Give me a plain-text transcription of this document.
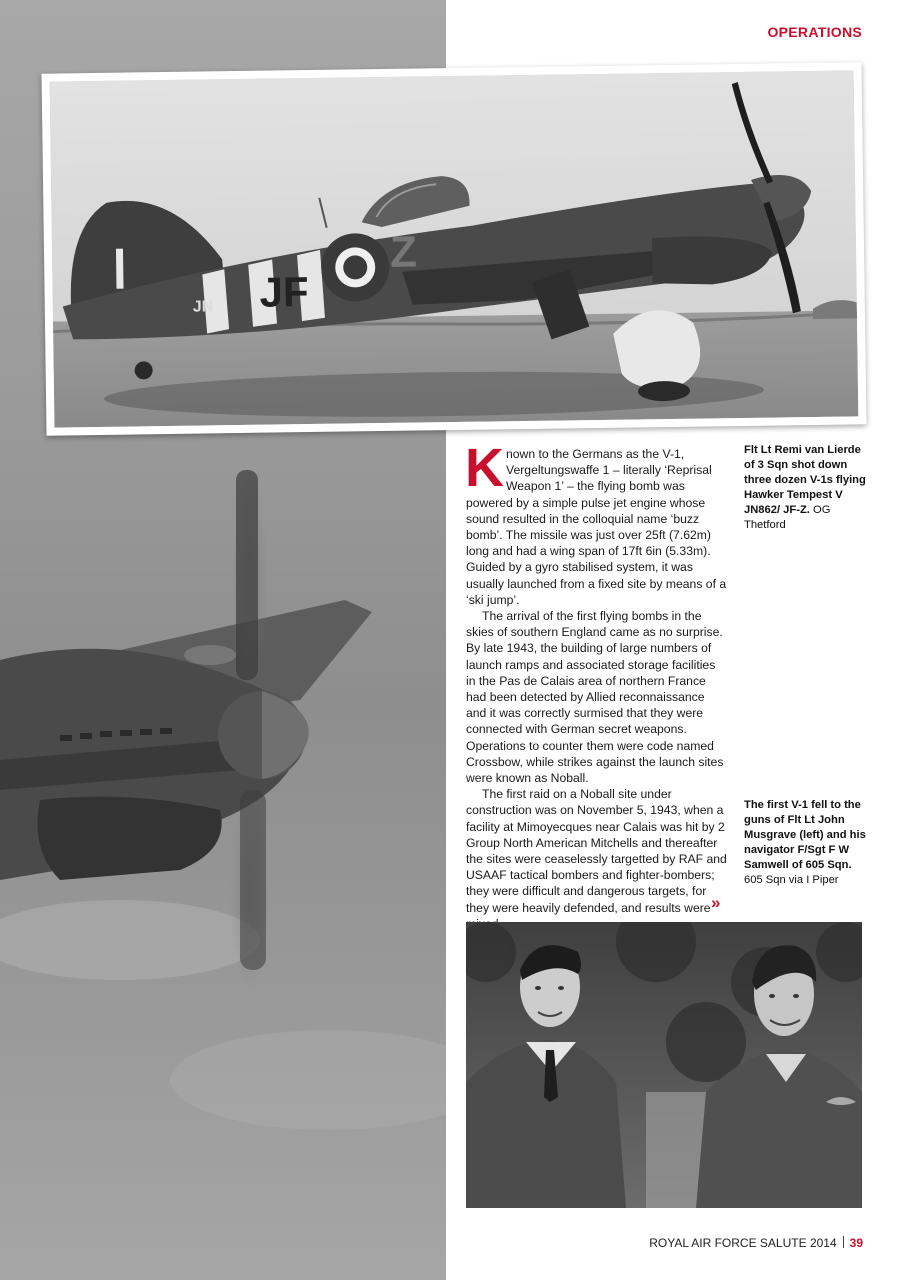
OPERATIONS
JF
Z
JN

Known to the Germans as the V-1, Vergeltungswaffe 1 – literally ‘Reprisal Weapon 1’ – the flying bomb was powered by a simple pulse jet engine whose sound resulted in the colloquial name ‘buzz bomb’. The missile was just over 25ft (7.62m) long and had a wing span of 17ft 6in (5.33m). Guided by a gyro stabilised system, it was usually launched from a fixed site by means of a ‘ski jump’.

The arrival of the first flying bombs in the skies of southern England came as no surprise. By late 1943, the building of large numbers of launch ramps and associated storage facilities in the Pas de Calais area of northern France had been detected by Allied reconnaissance and it was correctly surmised that they were connected with German secret weapons. Operations to counter them were code named Crossbow, while strikes against the launch sites were known as Noball.

The first raid on a Noball site under construction was on November 5, 1943, when a facility at Mimoyecques near Calais was hit by 2 Group North American Mitchells and thereafter the sites were ceaselessly targetted by RAF and USAAF tactical bombers and fighter-bombers; they were difficult and dangerous targets, for they were heavily defended, and results were »
Flt Lt Remi van Lierde of 3 Sqn shot down three dozen V-1s flying Hawker Tempest V JN862/ JF-Z. OG Thetford
The first V-1 fell to the guns of Flt Lt John Musgrave (left) and his navigator F/Sgt F W Samwell of 605 Sqn. 605 Sqn via I Piper
ROYAL AIR FORCE SALUTE 2014 39
